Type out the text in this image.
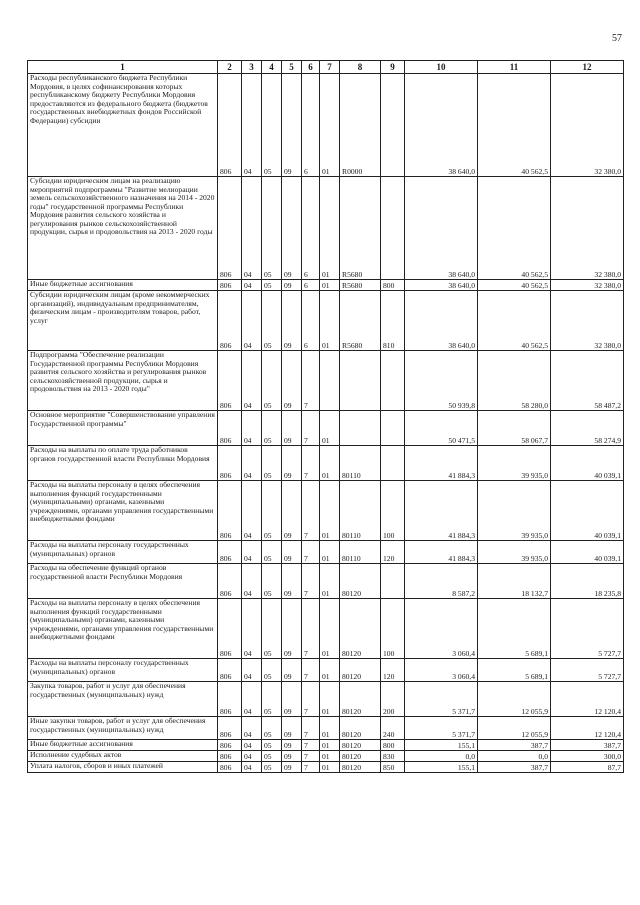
57
1	2	3	4	5	6	7	8	9	10	11	12
Расходы республиканского бюджета Республики Мордовия, в целях софинансирования которых республиканскому бюджету Республики Мордовия предоставляются из федерального бюджета (бюджетов государственных внебюджетных фондов Российской Федерации) субсидии	806	04	05	09	6	01	R0000		38 640,0	40 562,5	32 380,0
Субсидии юридическим лицам на реализацию мероприятий подпрограммы "Развитие мелиорации земель сельскохозяйственного назначения на 2014 - 2020 годы" государственной программы Республики Мордовия развития сельского хозяйства и регулирования рынков сельскохозяйственной продукции, сырья и продовольствия на 2013 - 2020 годы	806	04	05	09	6	01	R5680		38 640,0	40 562,5	32 380,0
Иные бюджетные ассигнования	806	04	05	09	6	01	R5680	800	38 640,0	40 562,5	32 380,0
Субсидии юридическим лицам (кроме некоммерческих организаций), индивидуальным предпринимателям, физическим лицам - производителям товаров, работ, услуг	806	04	05	09	6	01	R5680	810	38 640,0	40 562,5	32 380,0
Подпрограмма "Обеспечение реализации Государственной программы Республики Мордовия развития сельского хозяйства и регулирования рынков сельскохозяйственной продукции, сырья и продовольствия на 2013 - 2020 годы"	806	04	05	09	7				50 939,8	58 280,0	58 487,2
Основное мероприятие "Совершенствование управления Государственной программы"	806	04	05	09	7	01			50 471,5	58 067,7	58 274,9
Расходы на выплаты по оплате труда работников органов государственной власти Республики Мордовия	806	04	05	09	7	01	80110		41 884,3	39 935,0	40 039,1
Расходы на выплаты персоналу в целях обеспечения выполнения функций государственными (муниципальными) органами, казенными учреждениями, органами управления государственными внебюджетными фондами	806	04	05	09	7	01	80110	100	41 884,3	39 935,0	40 039,1
Расходы на выплаты персоналу государственных (муниципальных) органов	806	04	05	09	7	01	80110	120	41 884,3	39 935,0	40 039,1
Расходы на обеспечение функций органов государственной власти Республики Мордовия	806	04	05	09	7	01	80120		8 587,2	18 132,7	18 235,8
Расходы на выплаты персоналу в целях обеспечения выполнения функций государственными (муниципальными) органами, казенными учреждениями, органами управления государственными внебюджетными фондами	806	04	05	09	7	01	80120	100	3 060,4	5 689,1	5 727,7
Расходы на выплаты персоналу государственных (муниципальных) органов	806	04	05	09	7	01	80120	120	3 060,4	5 689,1	5 727,7
Закупка товаров, работ и услуг для обеспечения государственных (муниципальных) нужд	806	04	05	09	7	01	80120	200	5 371,7	12 055,9	12 120,4
Иные закупки товаров, работ и услуг для обеспечения государственных (муниципальных) нужд	806	04	05	09	7	01	80120	240	5 371,7	12 055,9	12 120,4
Иные бюджетные ассигнования	806	04	05	09	7	01	80120	800	155,1	387,7	387,7
Исполнение судебных актов	806	04	05	09	7	01	80120	830	0,0	0,0	300,0
Уплата налогов, сборов и иных платежей	806	04	05	09	7	01	80120	850	155,1	387,7	87,7
